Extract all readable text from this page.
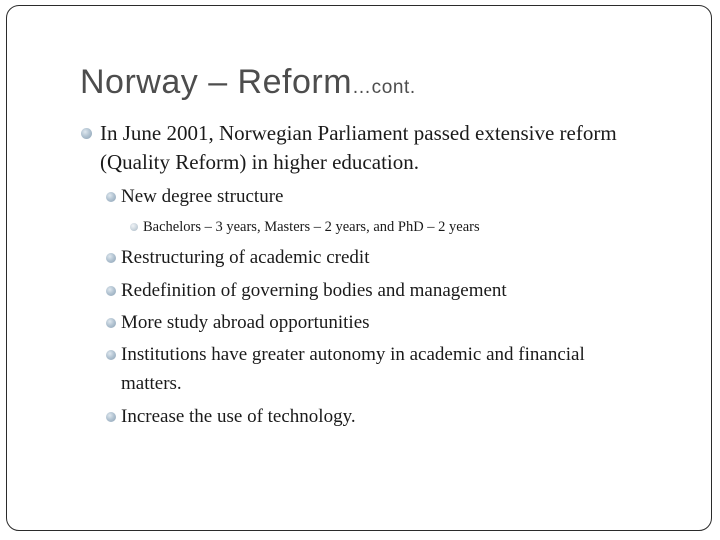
Norway – Reform…cont.
In June 2001, Norwegian Parliament passed extensive reform
(Quality Reform) in higher education.
New degree structure
Bachelors – 3 years, Masters – 2 years, and PhD – 2 years
Restructuring of academic credit
Redefinition of governing bodies and management
More study abroad opportunities
Institutions have greater autonomy in academic and financial
matters.
Increase the use of technology.
